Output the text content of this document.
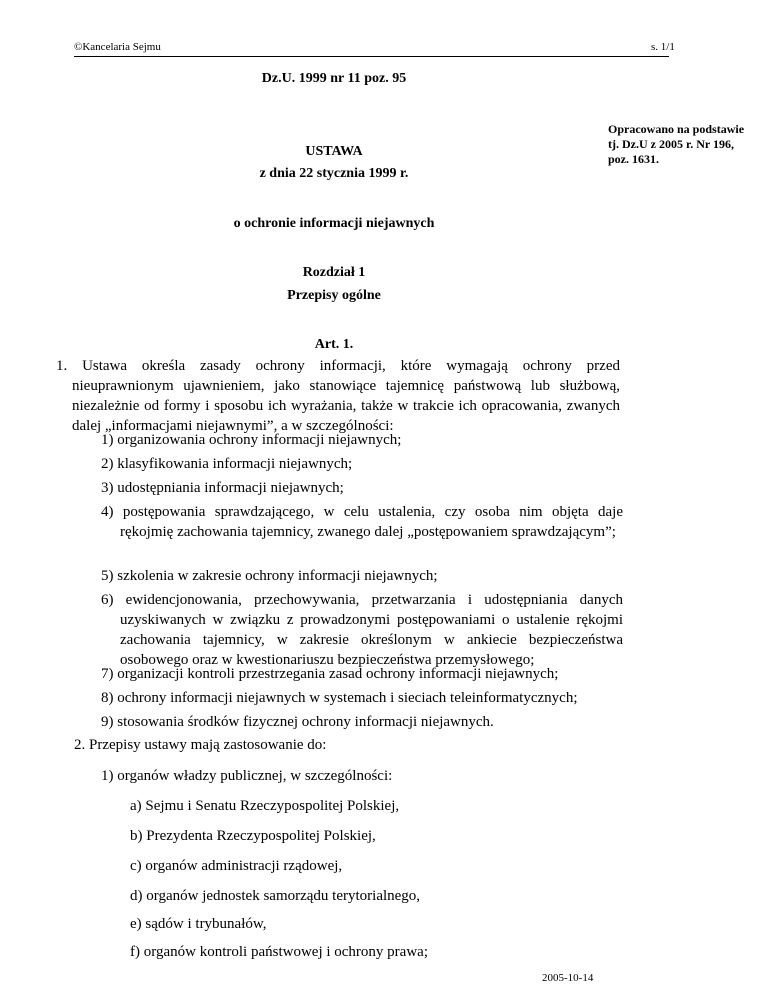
©Kancelaria Sejmu	s. 1/1
Dz.U. 1999 nr 11 poz. 95
Opracowano na podstawie tj. Dz.U z 2005 r. Nr 196, poz. 1631.
USTAWA
z dnia 22 stycznia 1999 r.
o ochronie informacji niejawnych
Rozdział 1
Przepisy ogólne
Art. 1.
1. Ustawa określa zasady ochrony informacji, które wymagają ochrony przed nieuprawnionym ujawnieniem, jako stanowiące tajemnicę państwową lub służbową, niezależnie od formy i sposobu ich wyrażania, także w trakcie ich opracowania, zwanych dalej „informacjami niejawnymi”, a w szczególności:
1) organizowania ochrony informacji niejawnych;
2) klasyfikowania informacji niejawnych;
3) udostępniania informacji niejawnych;
4) postępowania sprawdzającego, w celu ustalenia, czy osoba nim objęta daje rękojmię zachowania tajemnicy, zwanego dalej „postępowaniem sprawdzającym”;
5) szkolenia w zakresie ochrony informacji niejawnych;
6) ewidencjonowania, przechowywania, przetwarzania i udostępniania danych uzyskiwanych w związku z prowadzonymi postępowaniami o ustalenie rękojmi zachowania tajemnicy, w zakresie określonym w ankiecie bezpieczeństwa osobowego oraz w kwestionariuszu bezpieczeństwa przemysłowego;
7) organizacji kontroli przestrzegania zasad ochrony informacji niejawnych;
8) ochrony informacji niejawnych w systemach i sieciach teleinformatycznych;
9) stosowania środków fizycznej ochrony informacji niejawnych.
2. Przepisy ustawy mają zastosowanie do:
1) organów władzy publicznej, w szczególności:
a) Sejmu i Senatu Rzeczypospolitej Polskiej,
b) Prezydenta Rzeczypospolitej Polskiej,
c) organów administracji rządowej,
d) organów jednostek samorządu terytorialnego,
e) sądów i trybunałów,
f) organów kontroli państwowej i ochrony prawa;
2005-10-14
